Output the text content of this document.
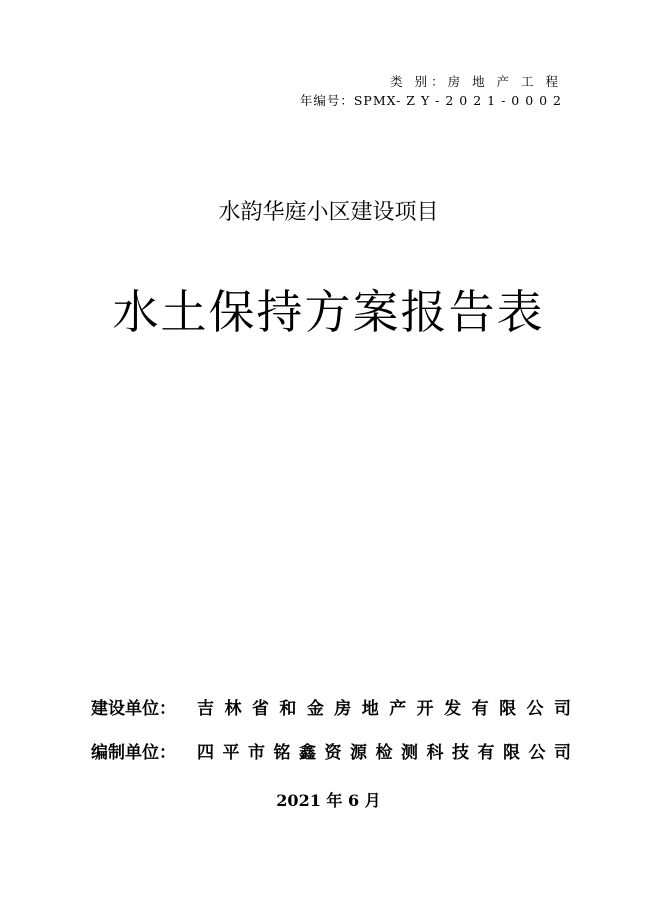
类 别：房 地 产 工 程
年编号：SPMX- Z Y - 2 0 2 1 - 0 0 0 2
水韵华庭小区建设项目
水土保持方案报告表
建设单位： 吉 林 省 和 金 房 地 产 开 发 有 限 公 司
编制单位： 四 平 市 铭 鑫 资 源 检 测 科 技 有 限 公 司
2021 年 6 月
